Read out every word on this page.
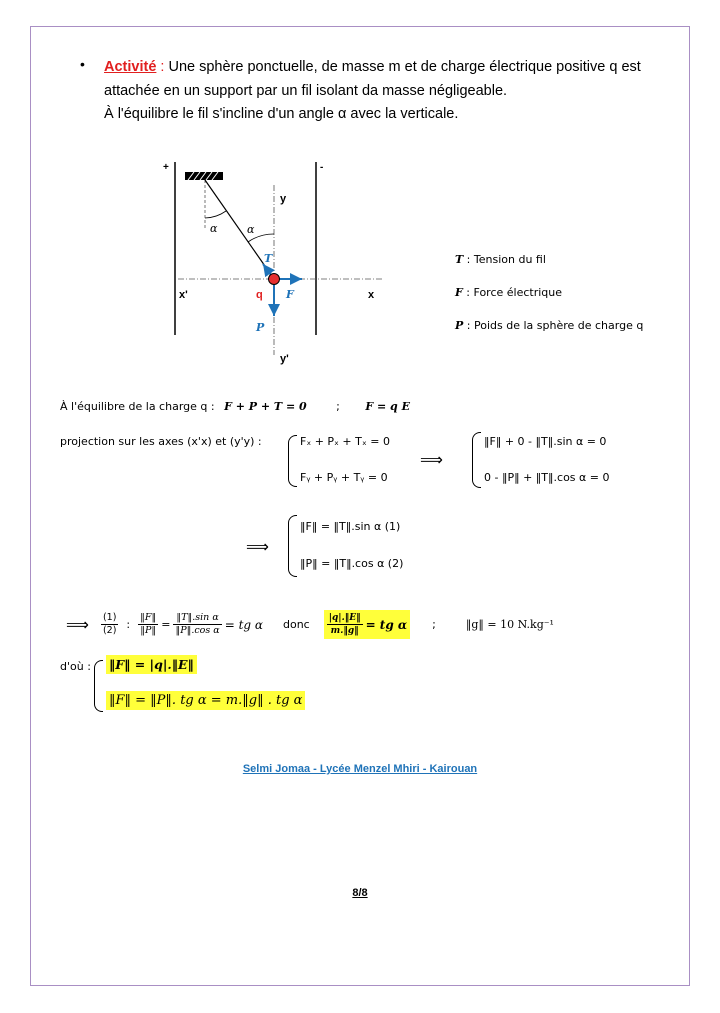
• Activité : Une sphère ponctuelle, de masse m et de charge électrique positive q est
attachée en un support par un fil isolant da masse négligeable.
À l'équilibre le fil s'incline d'un angle α avec la verticale.
+	-
y
y'
x
x'
α	α
q
T
F
P
T : Tension du fil
F : Force électrique
P : Poids de la sphère de charge q
À l'équilibre de la charge q : F + P + T = 0	; F = q E
projection sur les axes (x'x) et (y'y) :	Fₓ + Pₓ + Tₓ = 0
Fᵧ + Pᵧ + Tᵧ = 0
⟹
‖F‖ + 0 - ‖T‖.sin α = 0
0 - ‖P‖ + ‖T‖.cos α = 0
⟹
‖F‖ = ‖T‖.sin α (1)
‖P‖ = ‖T‖.cos α (2)
⟹ $\frac{(1)}{(2)}$ : $\frac{‖F‖}{‖P‖} = \frac{\text{‖T‖.sin α}}{\text{‖P‖.cos α}}$ = tg α donc $\frac{|q|.‖E‖}{m.‖g‖}$ = tg α ;	‖g‖ = 10 N.kg⁻¹
d'où : ‖F‖ = |q|.‖E‖
‖F‖ = ‖P‖. tg α = m.‖g‖ . tg α
Selmi Jomaa - Lycée Menzel Mhiri - Kairouan
8/8
